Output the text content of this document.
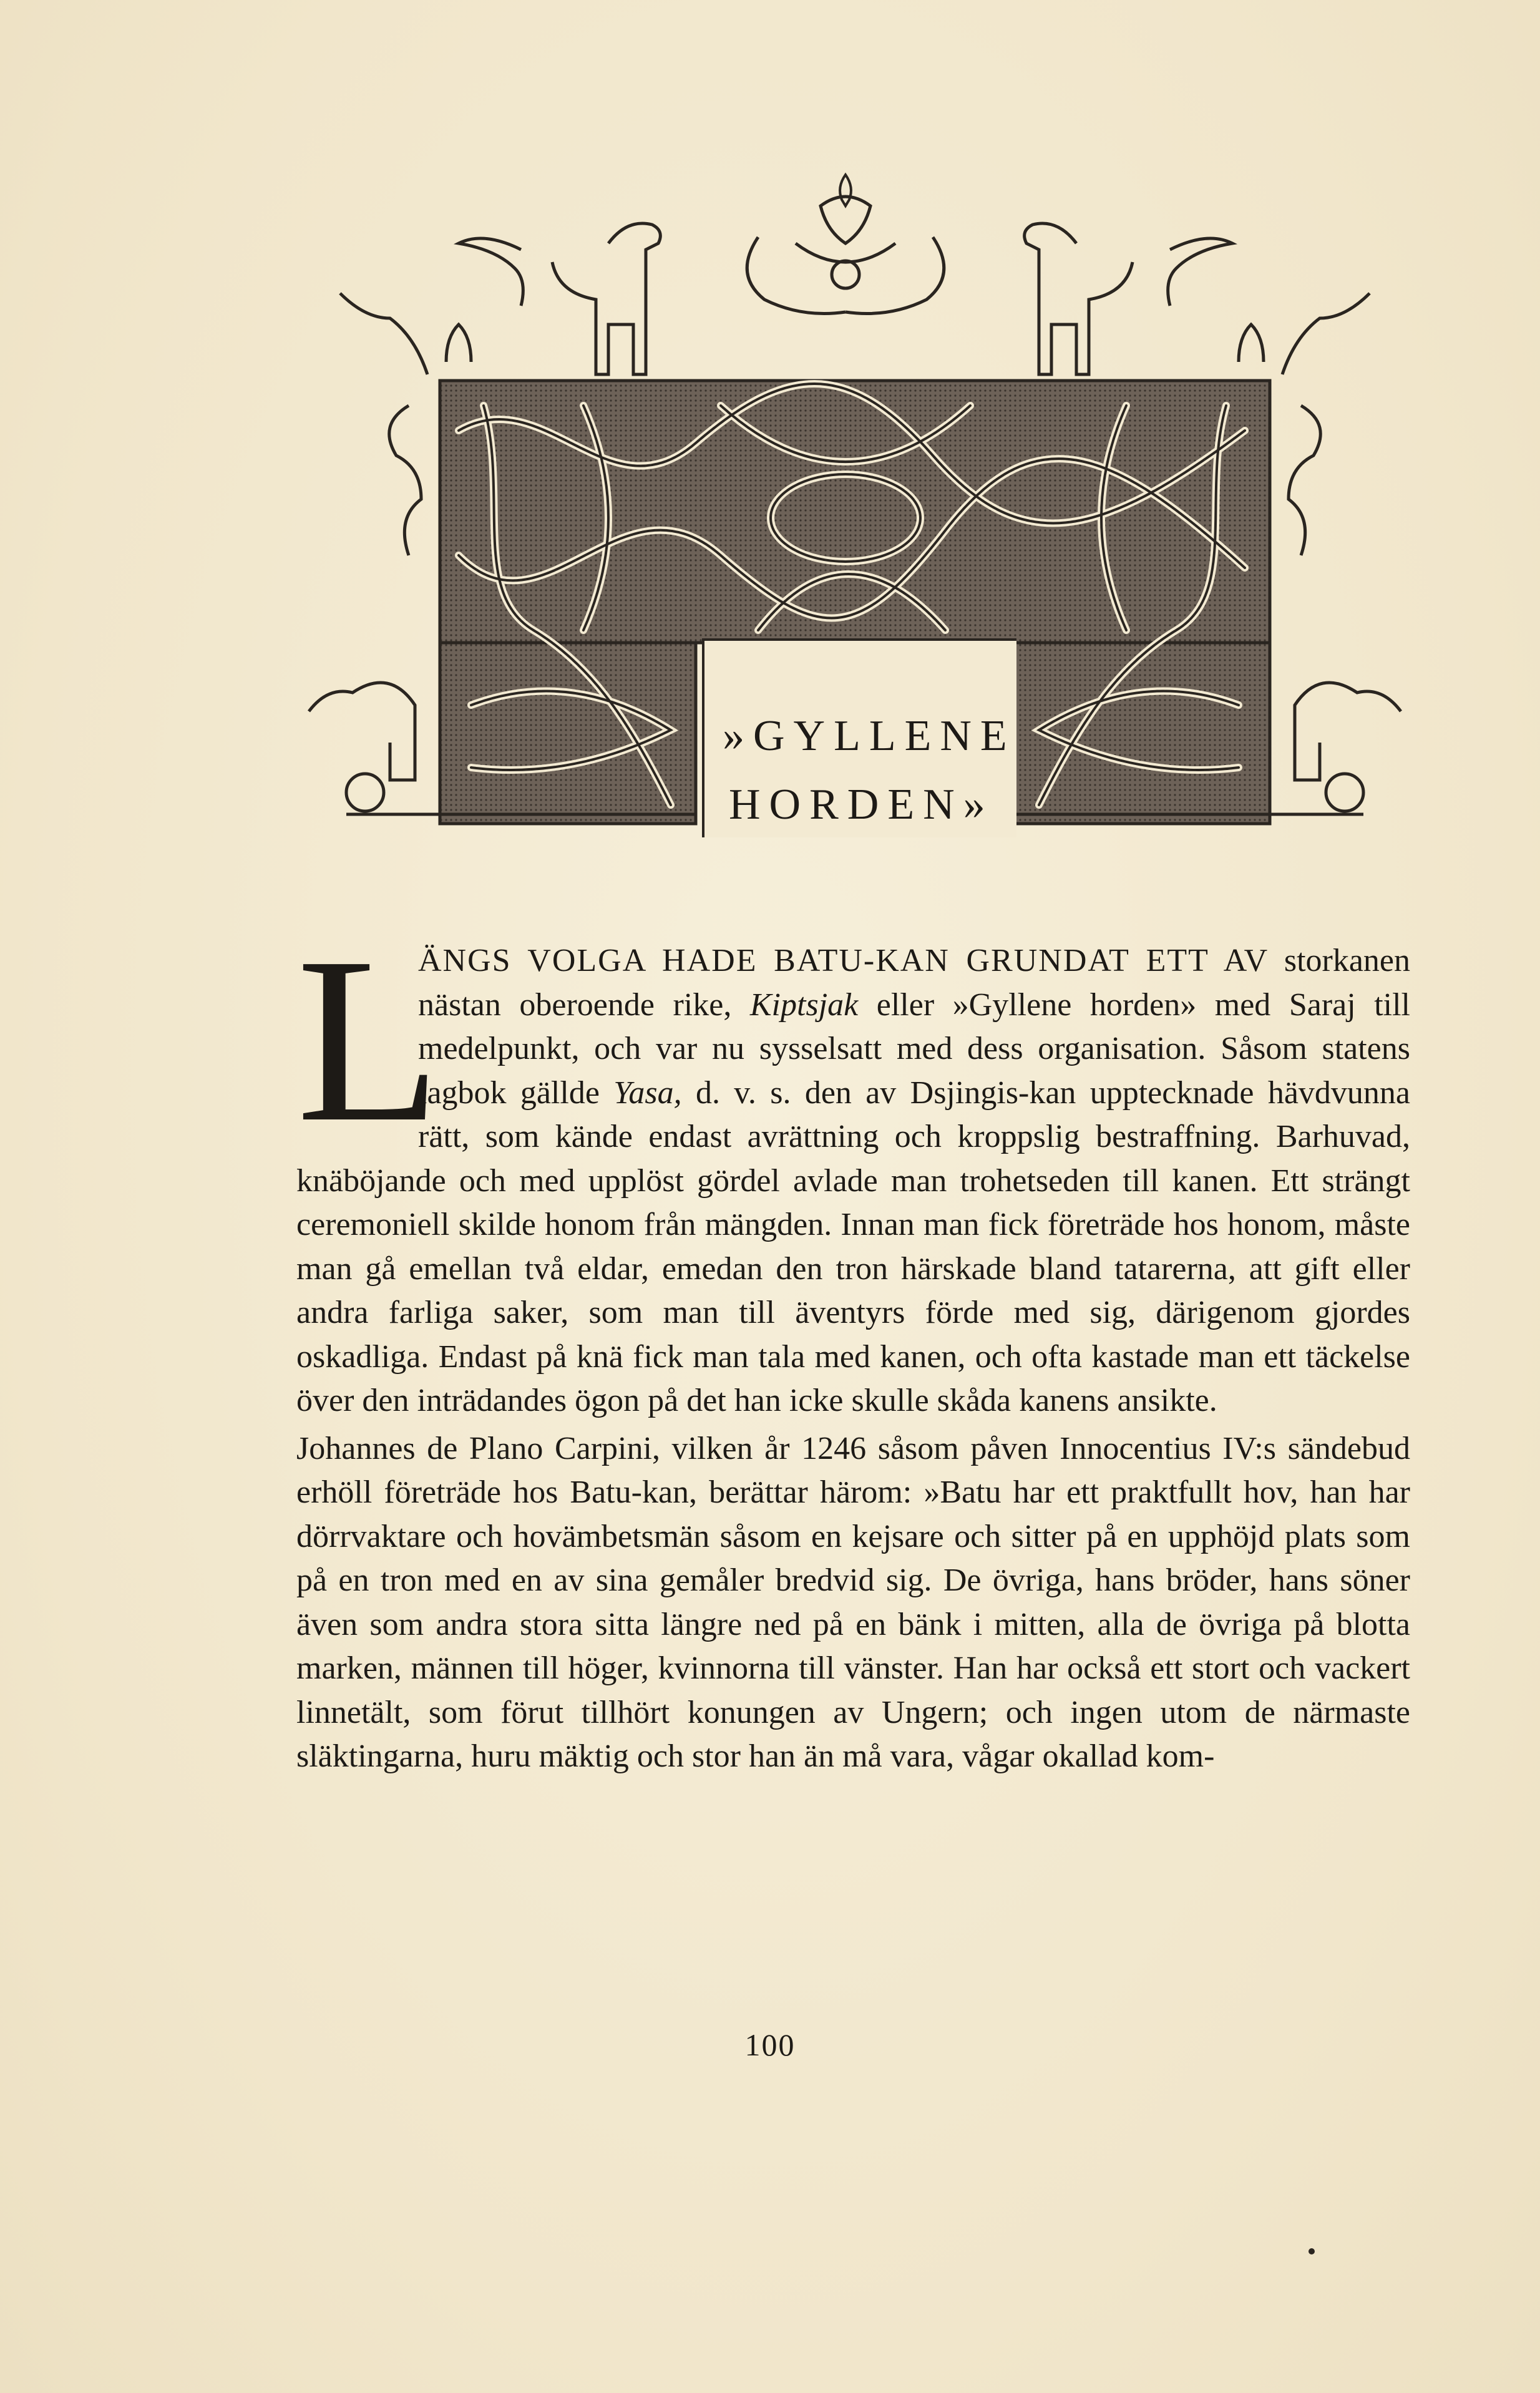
»GYLLENE
HORDEN»

L
ÄNGS VOLGA HADE BATU-KAN GRUNDAT ETT AV storkanen nästan oberoende rike, Kiptsjak eller »Gyllene horden» med Saraj till medelpunkt, och var nu sysselsatt med dess organisation. Såsom statens lagbok gällde Yasa, d. v. s. den av Dsjingis-kan upptecknade hävdvunna rätt, som kände endast avrättning och kroppslig bestraffning. Barhuvad, knäböjande och med upplöst gördel avlade man trohetseden till kanen. Ett strängt ceremoniell skilde honom från mängden. Innan man fick företräde hos honom, måste man gå emellan två eldar, emedan den tron härskade bland tatarerna, att gift eller andra farliga saker, som man till äventyrs förde med sig, därigenom gjordes oskadliga. Endast på knä fick man tala med kanen, och ofta kastade man ett täckelse över den inträdandes ögon på det han icke skulle skåda kanens ansikte.

Johannes de Plano Carpini, vilken år 1246 såsom påven Innocentius IV:s sändebud erhöll företräde hos Batu-kan, berättar härom: »Batu har ett praktfullt hov, han har dörrvaktare och hovämbetsmän såsom en kejsare och sitter på en upphöjd plats som på en tron med en av sina gemåler bredvid sig. De övriga, hans bröder, hans söner även som andra stora sitta längre ned på en bänk i mitten, alla de övriga på blotta marken, männen till höger, kvinnorna till vänster. Han har också ett stort och vackert linnetält, som förut tillhört konungen av Ungern; och ingen utom de närmaste släktingarna, huru mäktig och stor han än må vara, vågar okallad kom-

100
